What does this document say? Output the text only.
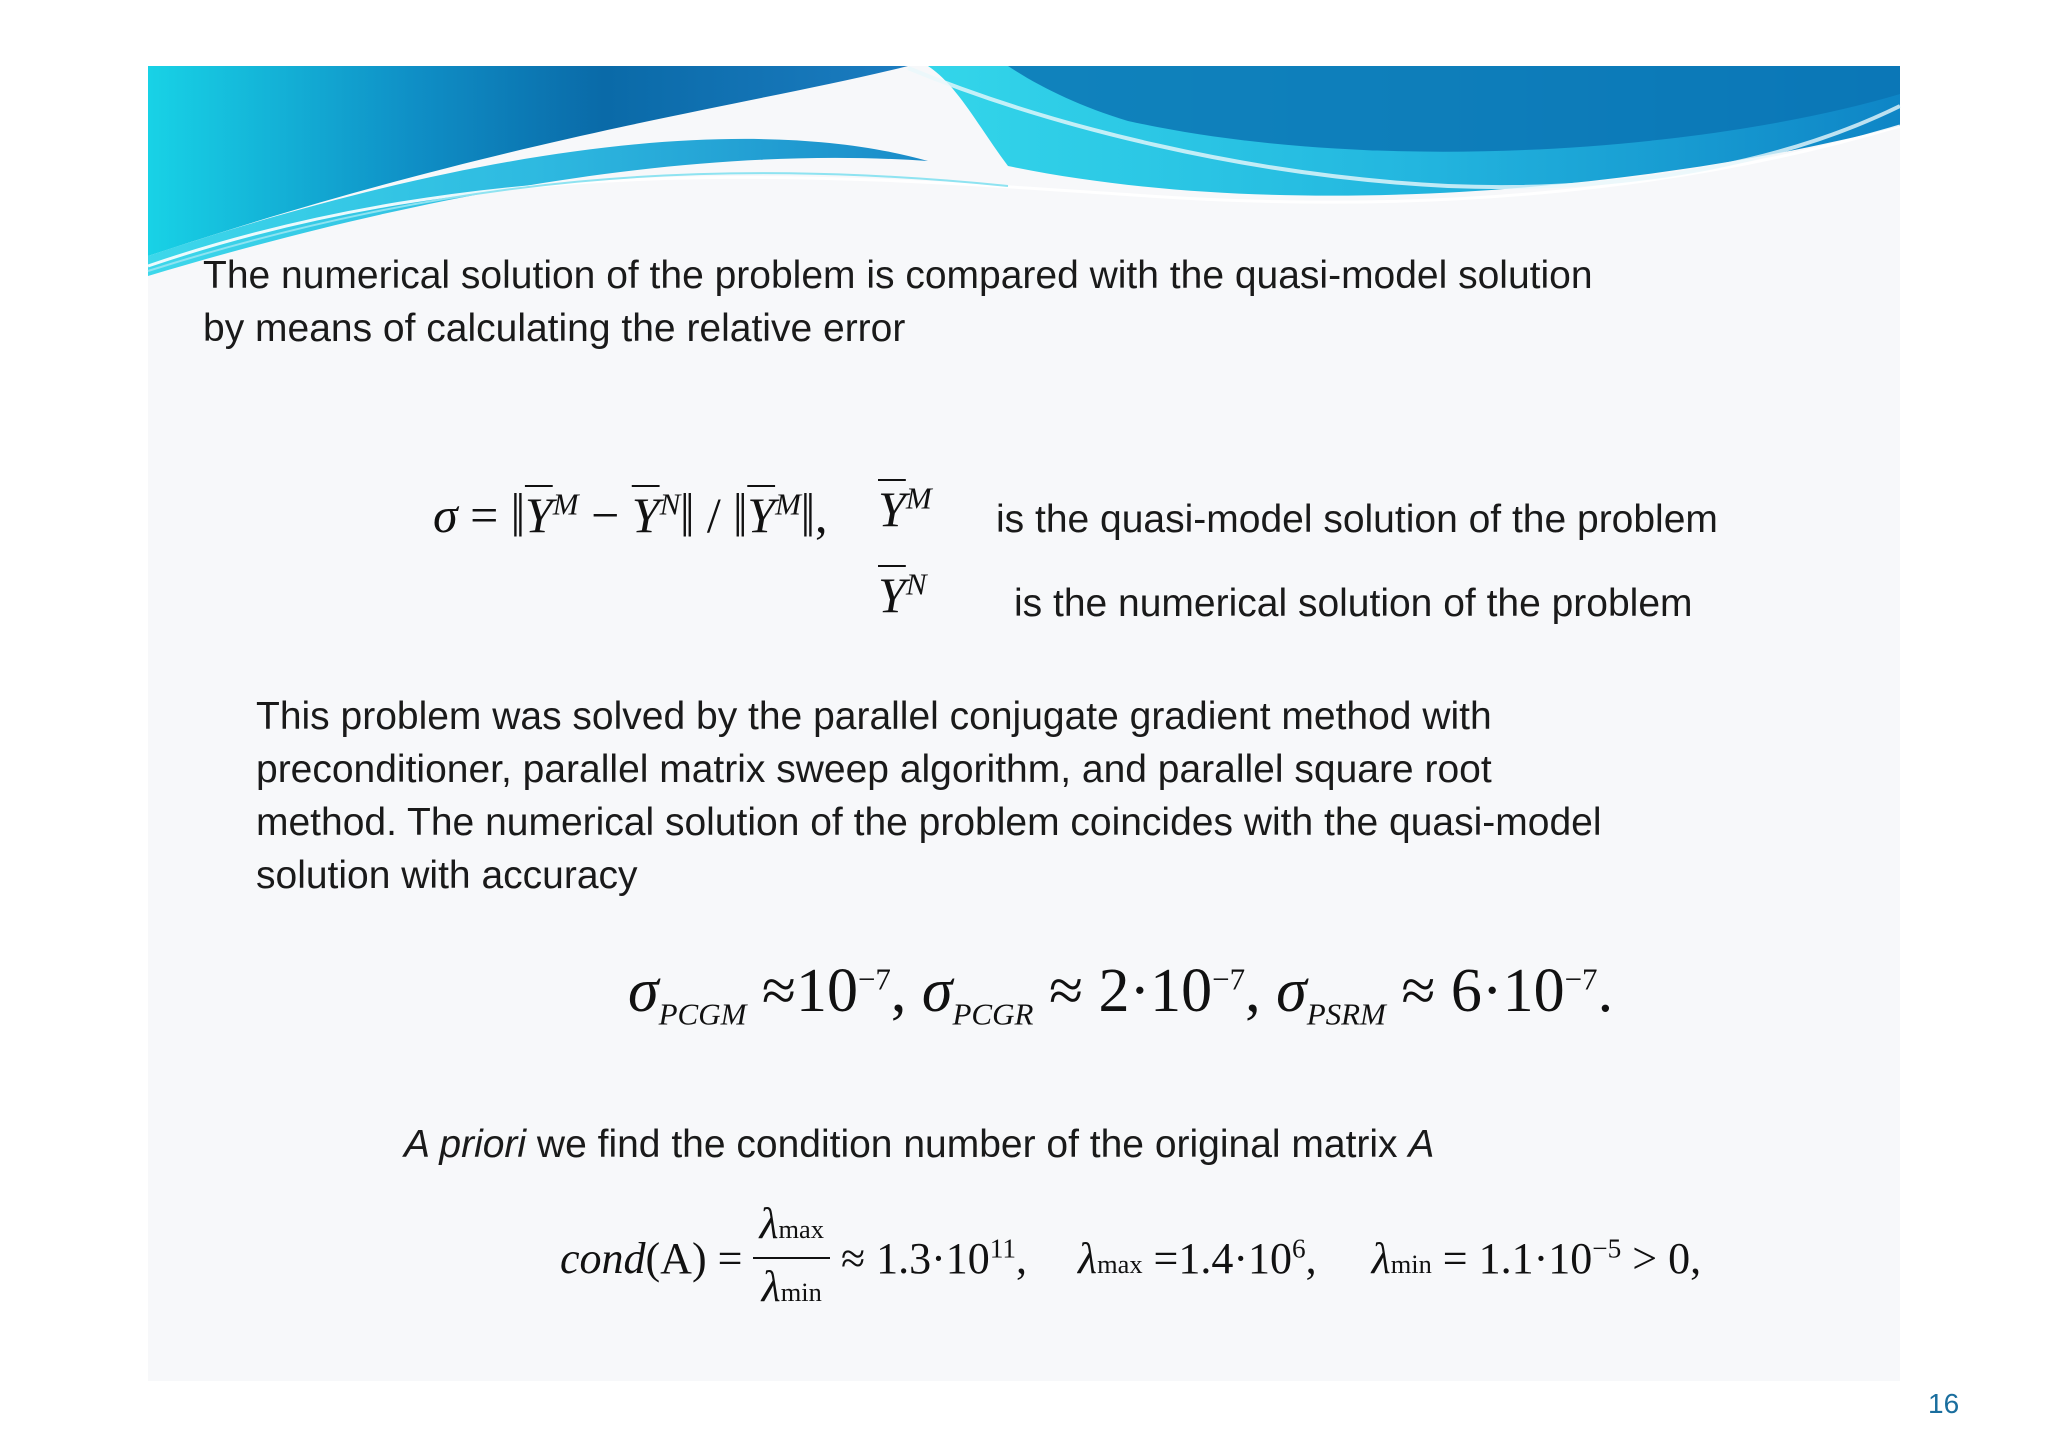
The numerical solution of the problem is compared with the quasi-model solution
by means of calculating the relative error

$\sigma = ‖\overline{Y}^M$ − $\overline{Y}^N‖$ / $‖\overline{Y}^M‖$, $\overline{Y}^M$
is the quasi-model solution of the problem
$\overline{Y}^N$ is the numerical solution of the problem

This problem was solved by the parallel conjugate gradient method with
preconditioner, parallel matrix sweep algorithm, and parallel square root
method. The numerical solution of the problem coincides with the quasi-model
solution with accuracy

$\sigma_{PCGM} \approx 10^{-7}$, $\sigma_{PCGR} \approx 2\cdot 10^{-7}$, $\sigma_{PSRM} \approx 6\cdot 10^{-7}$.
A priori we find the condition number of the original matrix A
cond(A) = $\frac{\lambda\max}{\lambda\min} \approx 1.3\cdot 10^{11}$, $\lambda\max =1.4\cdot 10^6$, $\lambda\min = 1.1\cdot 10^{-5} > 0$,
16
